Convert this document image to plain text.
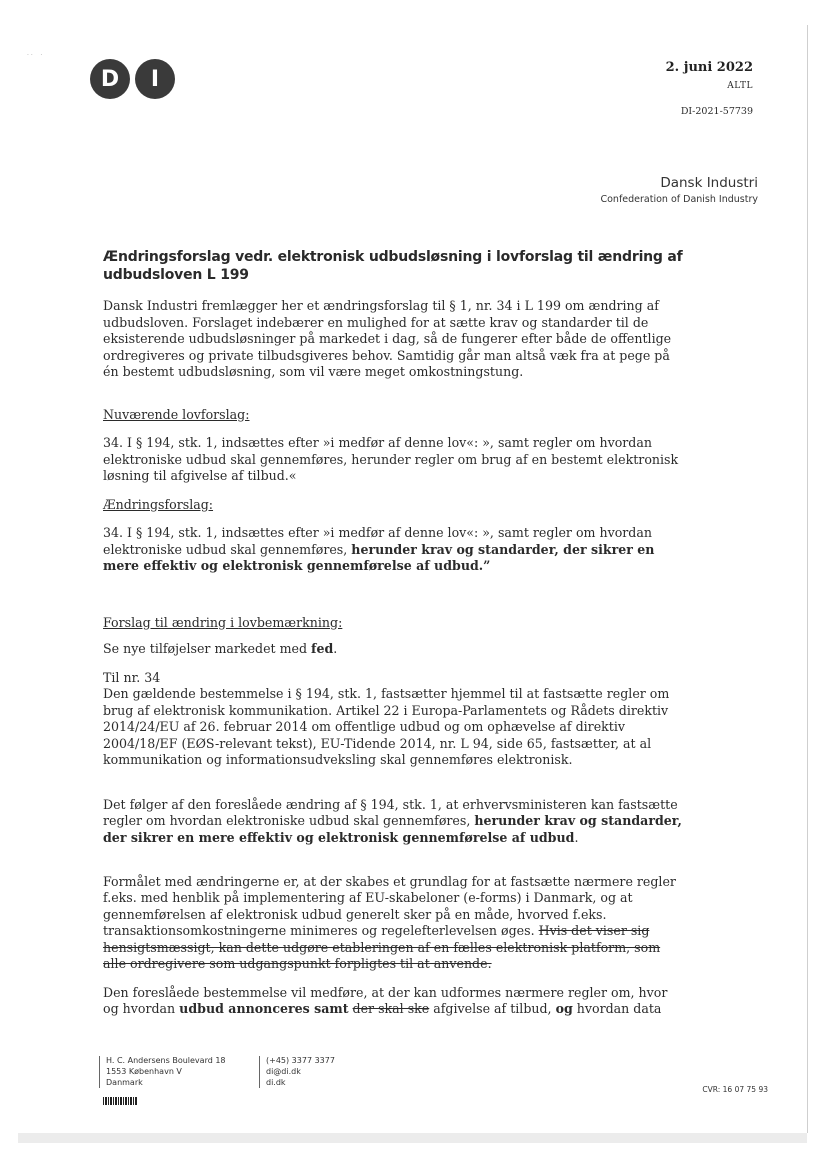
· ·    ·
D	I	2. juni 2022
ALTL
DI-2021-57739
Dansk Industri
Confederation of Danish Industry
Ændringsforslag vedr. elektronisk udbudsløsning i lovforslag til ændring af udbudsloven L 199

Dansk Industri fremlægger her et ændringsforslag til § 1, nr. 34 i L 199 om ændring af udbudsloven. Forslaget indebærer en mulighed for at sætte krav og standarder til de eksisterende udbudsløsninger på markedet i dag, så de fungerer efter både de offentlige ordregiveres og private tilbudsgiveres behov. Samtidig går man altså væk fra at pege på én bestemt udbudsløsning, som vil være meget omkostningstung.

Nuværende lovforslag:

34. I § 194, stk. 1, indsættes efter »i medfør af denne lov«: », samt regler om hvordan elektroniske udbud skal gennemføres, herunder regler om brug af en bestemt elektronisk løsning til afgivelse af tilbud.«

Ændringsforslag:

34. I § 194, stk. 1, indsættes efter »i medfør af denne lov«: », samt regler om hvordan elektroniske udbud skal gennemføres, herunder krav og standarder, der sikrer en mere effektiv og elektronisk gennemførelse af udbud.”

Forslag til ændring i lovbemærkning:

Se nye tilføjelser markedet med fed.

Til nr. 34

Den gældende bestemmelse i § 194, stk. 1, fastsætter hjemmel til at fastsætte regler om brug af elektronisk kommunikation. Artikel 22 i Europa-Parlamentets og Rådets direktiv 2014/24/EU af 26. februar 2014 om offentlige udbud og om ophævelse af direktiv 2004/18/EF (EØS-relevant tekst), EU-Tidende 2014, nr. L 94, side 65, fastsætter, at al kommunikation og informationsudveksling skal gennemføres elektronisk.

Det følger af den foreslåede ændring af § 194, stk. 1, at erhvervsministeren kan fastsætte regler om hvordan elektroniske udbud skal gennemføres, herunder krav og standarder, der sikrer en mere effektiv og elektronisk gennemførelse af udbud.

Formålet med ændringerne er, at der skabes et grundlag for at fastsætte nærmere regler f.eks. med henblik på implementering af EU-skabeloner (e-forms) i Danmark, og at gennemførelsen af elektronisk udbud generelt sker på en måde, hvorved f.eks. transaktionsomkostningerne minimeres og regelefterlevelsen øges. Hvis det viser sig hensigtsmæssigt, kan dette udgøre etableringen af en fælles elektronisk platform, som alle ordregivere som udgangspunkt forpligtes til at anvende.

Den foreslåede bestemmelse vil medføre, at der kan udformes nærmere regler om, hvor og hvordan udbud annonceres samt der skal ske afgivelse af tilbud, og hvordan data

H. C. Andersens Boulevard 18
1553 København V
Danmark
(+45) 3377 3377
di@di.dk
di.dk
CVR: 16 07 75 93
